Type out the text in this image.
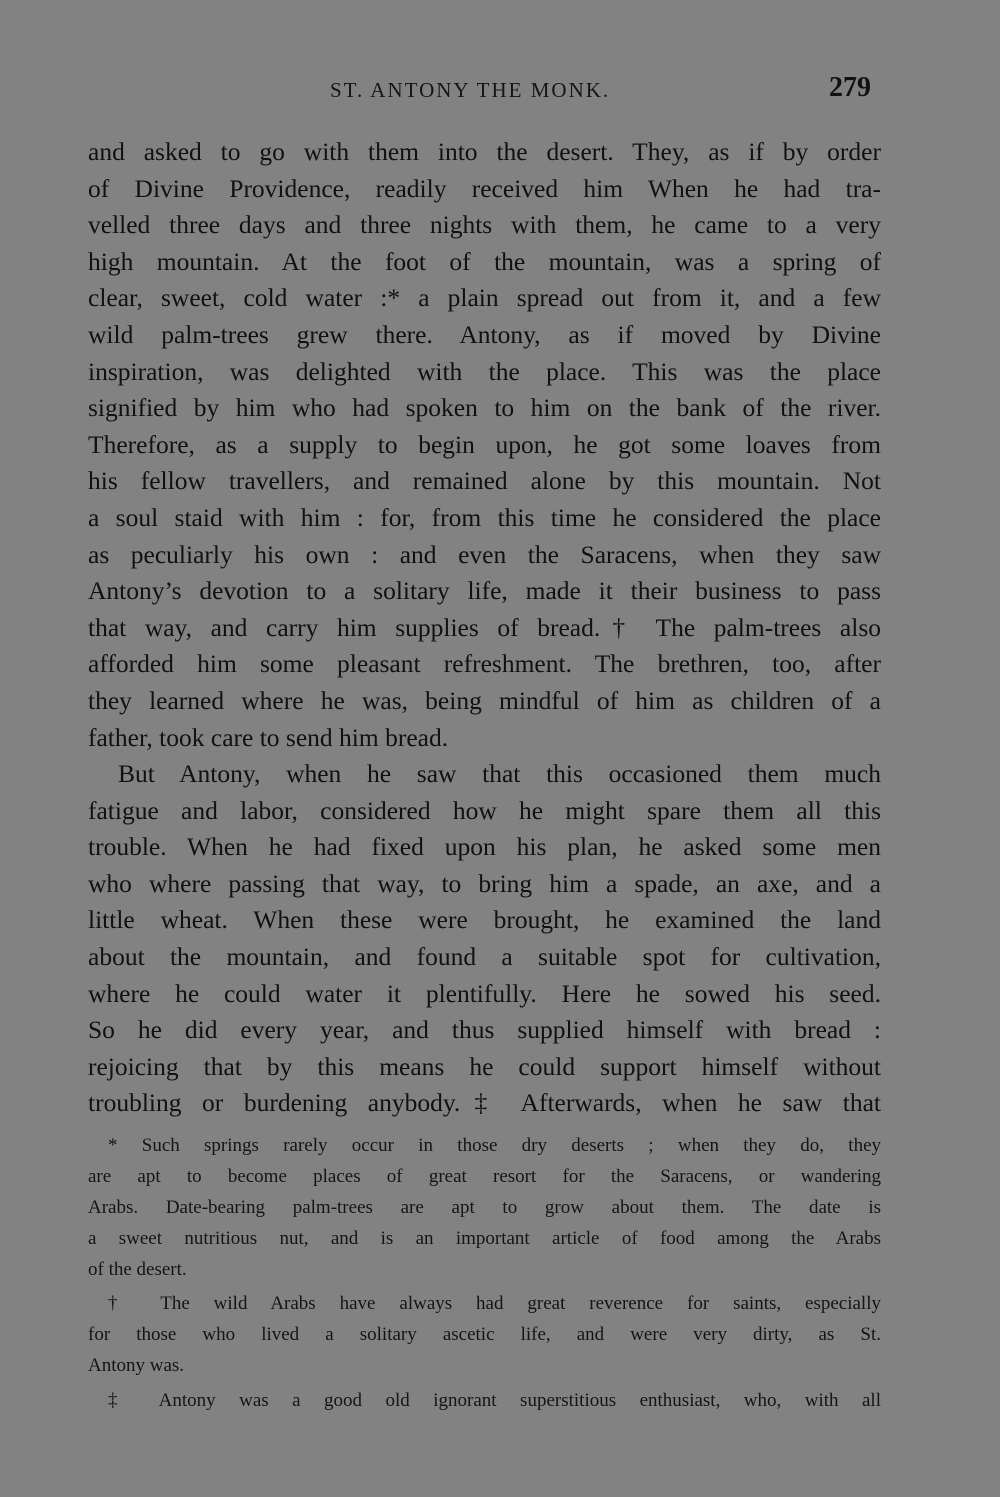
ST. ANTONY THE MONK.	279
and asked to go with them into the desert. They, as if by order
of Divine Providence, readily received him When he had tra-
velled three days and three nights with them, he came to a very
high mountain. At the foot of the mountain, was a spring of
clear, sweet, cold water :* a plain spread out from it, and a few
wild palm-trees grew there. Antony, as if moved by Divine
inspiration, was delighted with the place. This was the place
signified by him who had spoken to him on the bank of the river.
Therefore, as a supply to begin upon, he got some loaves from
his fellow travellers, and remained alone by this mountain. Not
a soul staid with him : for, from this time he considered the place
as peculiarly his own : and even the Saracens, when they saw
Antony’s devotion to a solitary life, made it their business to pass
that way, and carry him supplies of bread.† The palm-trees also
afforded him some pleasant refreshment. The brethren, too, after
they learned where he was, being mindful of him as children of a
father, took care to send him bread.
But Antony, when he saw that this occasioned them much
fatigue and labor, considered how he might spare them all this
trouble. When he had fixed upon his plan, he asked some men
who where passing that way, to bring him a spade, an axe, and a
little wheat. When these were brought, he examined the land
about the mountain, and found a suitable spot for cultivation,
where he could water it plentifully. Here he sowed his seed.
So he did every year, and thus supplied himself with bread :
rejoicing that by this means he could support himself without
troubling or burdening anybody.‡ Afterwards, when he saw that
* Such springs rarely occur in those dry deserts ; when they do, they
are apt to become places of great resort for the Saracens, or wandering
Arabs. Date-bearing palm-trees are apt to grow about them. The date is
a sweet nutritious nut, and is an important article of food among the Arabs
of the desert.
† The wild Arabs have always had great reverence for saints, especially
for those who lived a solitary ascetic life, and were very dirty, as St.
Antony was.
‡ Antony was a good old ignorant superstitious enthusiast, who, with all
